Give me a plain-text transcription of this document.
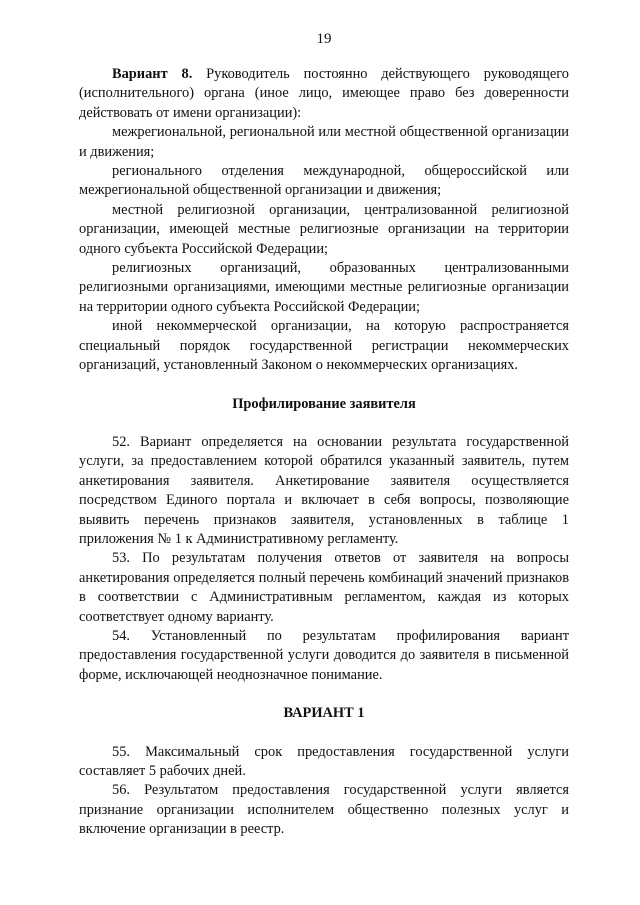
19

Вариант 8. Руководитель постоянно действующего руководящего (исполнительного) органа (иное лицо, имеющее право без доверенности действовать от имени организации):

межрегиональной, региональной или местной общественной организации и движения;

регионального отделения международной, общероссийской или межрегиональной общественной организации и движения;

местной религиозной организации, централизованной религиозной организации, имеющей местные религиозные организации на территории одного субъекта Российской Федерации;

религиозных организаций, образованных централизованными религиозными организациями, имеющими местные религиозные организации на территории одного субъекта Российской Федерации;

иной некоммерческой организации, на которую распространяется специальный порядок государственной регистрации некоммерческих организаций, установленный Законом о некоммерческих организациях.

Профилирование заявителя

52. Вариант определяется на основании результата государственной услуги, за предоставлением которой обратился указанный заявитель, путем анкетирования заявителя. Анкетирование заявителя осуществляется посредством Единого портала и включает в себя вопросы, позволяющие выявить перечень признаков заявителя, установленных в таблице 1 приложения № 1 к Административному регламенту.

53. По результатам получения ответов от заявителя на вопросы анкетирования определяется полный перечень комбинаций значений признаков в соответствии с Административным регламентом, каждая из которых соответствует одному варианту.

54. Установленный по результатам профилирования вариант предоставления государственной услуги доводится до заявителя в письменной форме, исключающей неоднозначное понимание.

ВАРИАНТ 1

55. Максимальный срок предоставления государственной услуги составляет 5 рабочих дней.

56. Результатом предоставления государственной услуги является признание организации исполнителем общественно полезных услуг и включение организации в реестр.
